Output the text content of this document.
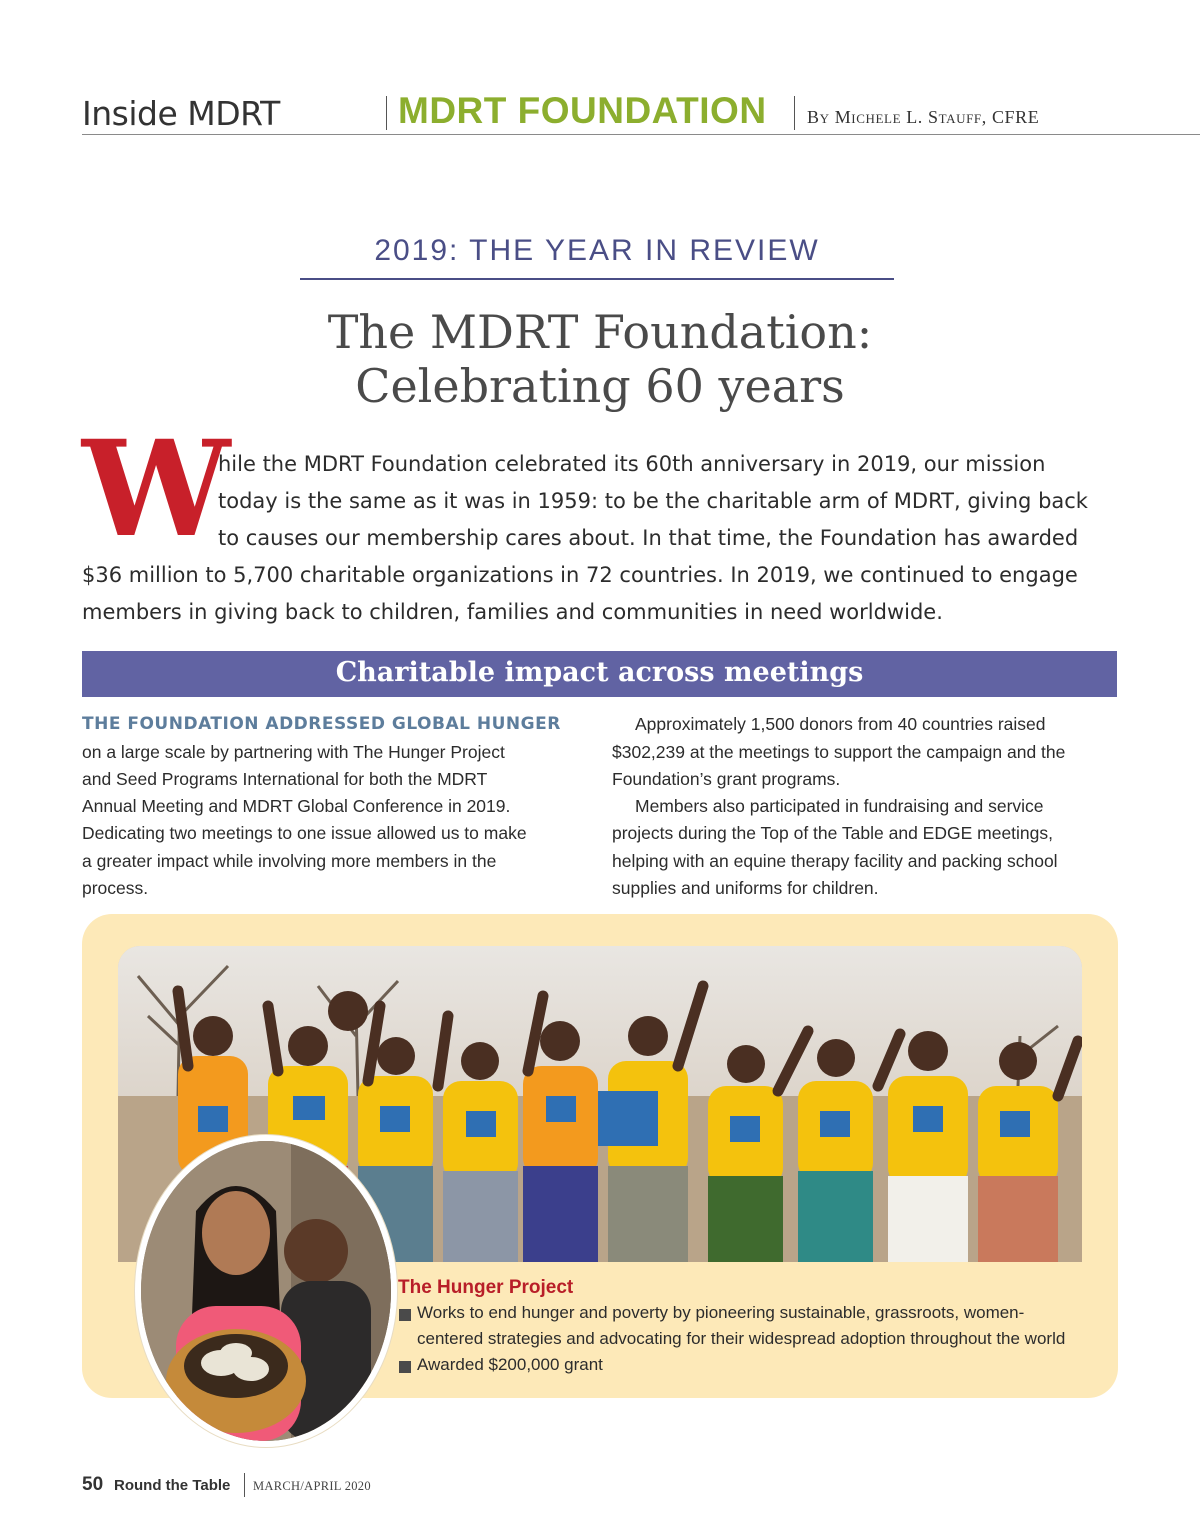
Inside MDRT	MDRT FOUNDATION By Michele L. Stauff, CFRE
2019: THE YEAR IN REVIEW
The MDRT Foundation:
Celebrating 60 years
W
hile the MDRT Foundation celebrated its 60th anniversary in 2019, our mission
today is the same as it was in 1959: to be the charitable arm of MDRT, giving back
to causes our membership cares about. In that time, the Foundation has awarded
$36 million to 5,700 charitable organizations in 72 countries. In 2019, we continued to engage
members in giving back to children, families and communities in need worldwide.
Charitable impact across meetings
THE FOUNDATION ADDRESSED GLOBAL HUNGER
on a large scale by partnering with The Hunger Project
and Seed Programs International for both the MDRT
Annual Meeting and MDRT Global Conference in 2019.
Dedicating two meetings to one issue allowed us to make
a greater impact while involving more members in the
process.
Approximately 1,500 donors from 40 countries raised
$302,239 at the meetings to support the campaign and the
Foundation’s grant programs.
Members also participated in fundraising and service
projects during the Top of the Table and EDGE meetings,
helping with an equine therapy facility and packing school
supplies and uniforms for children.
The Hunger Project
Works to end hunger and poverty by pioneering sustainable, grassroots, women-
centered strategies and advocating for their widespread adoption throughout the world
Awarded $200,000 grant
50 Round the Table MARCH/APRIL 2020
